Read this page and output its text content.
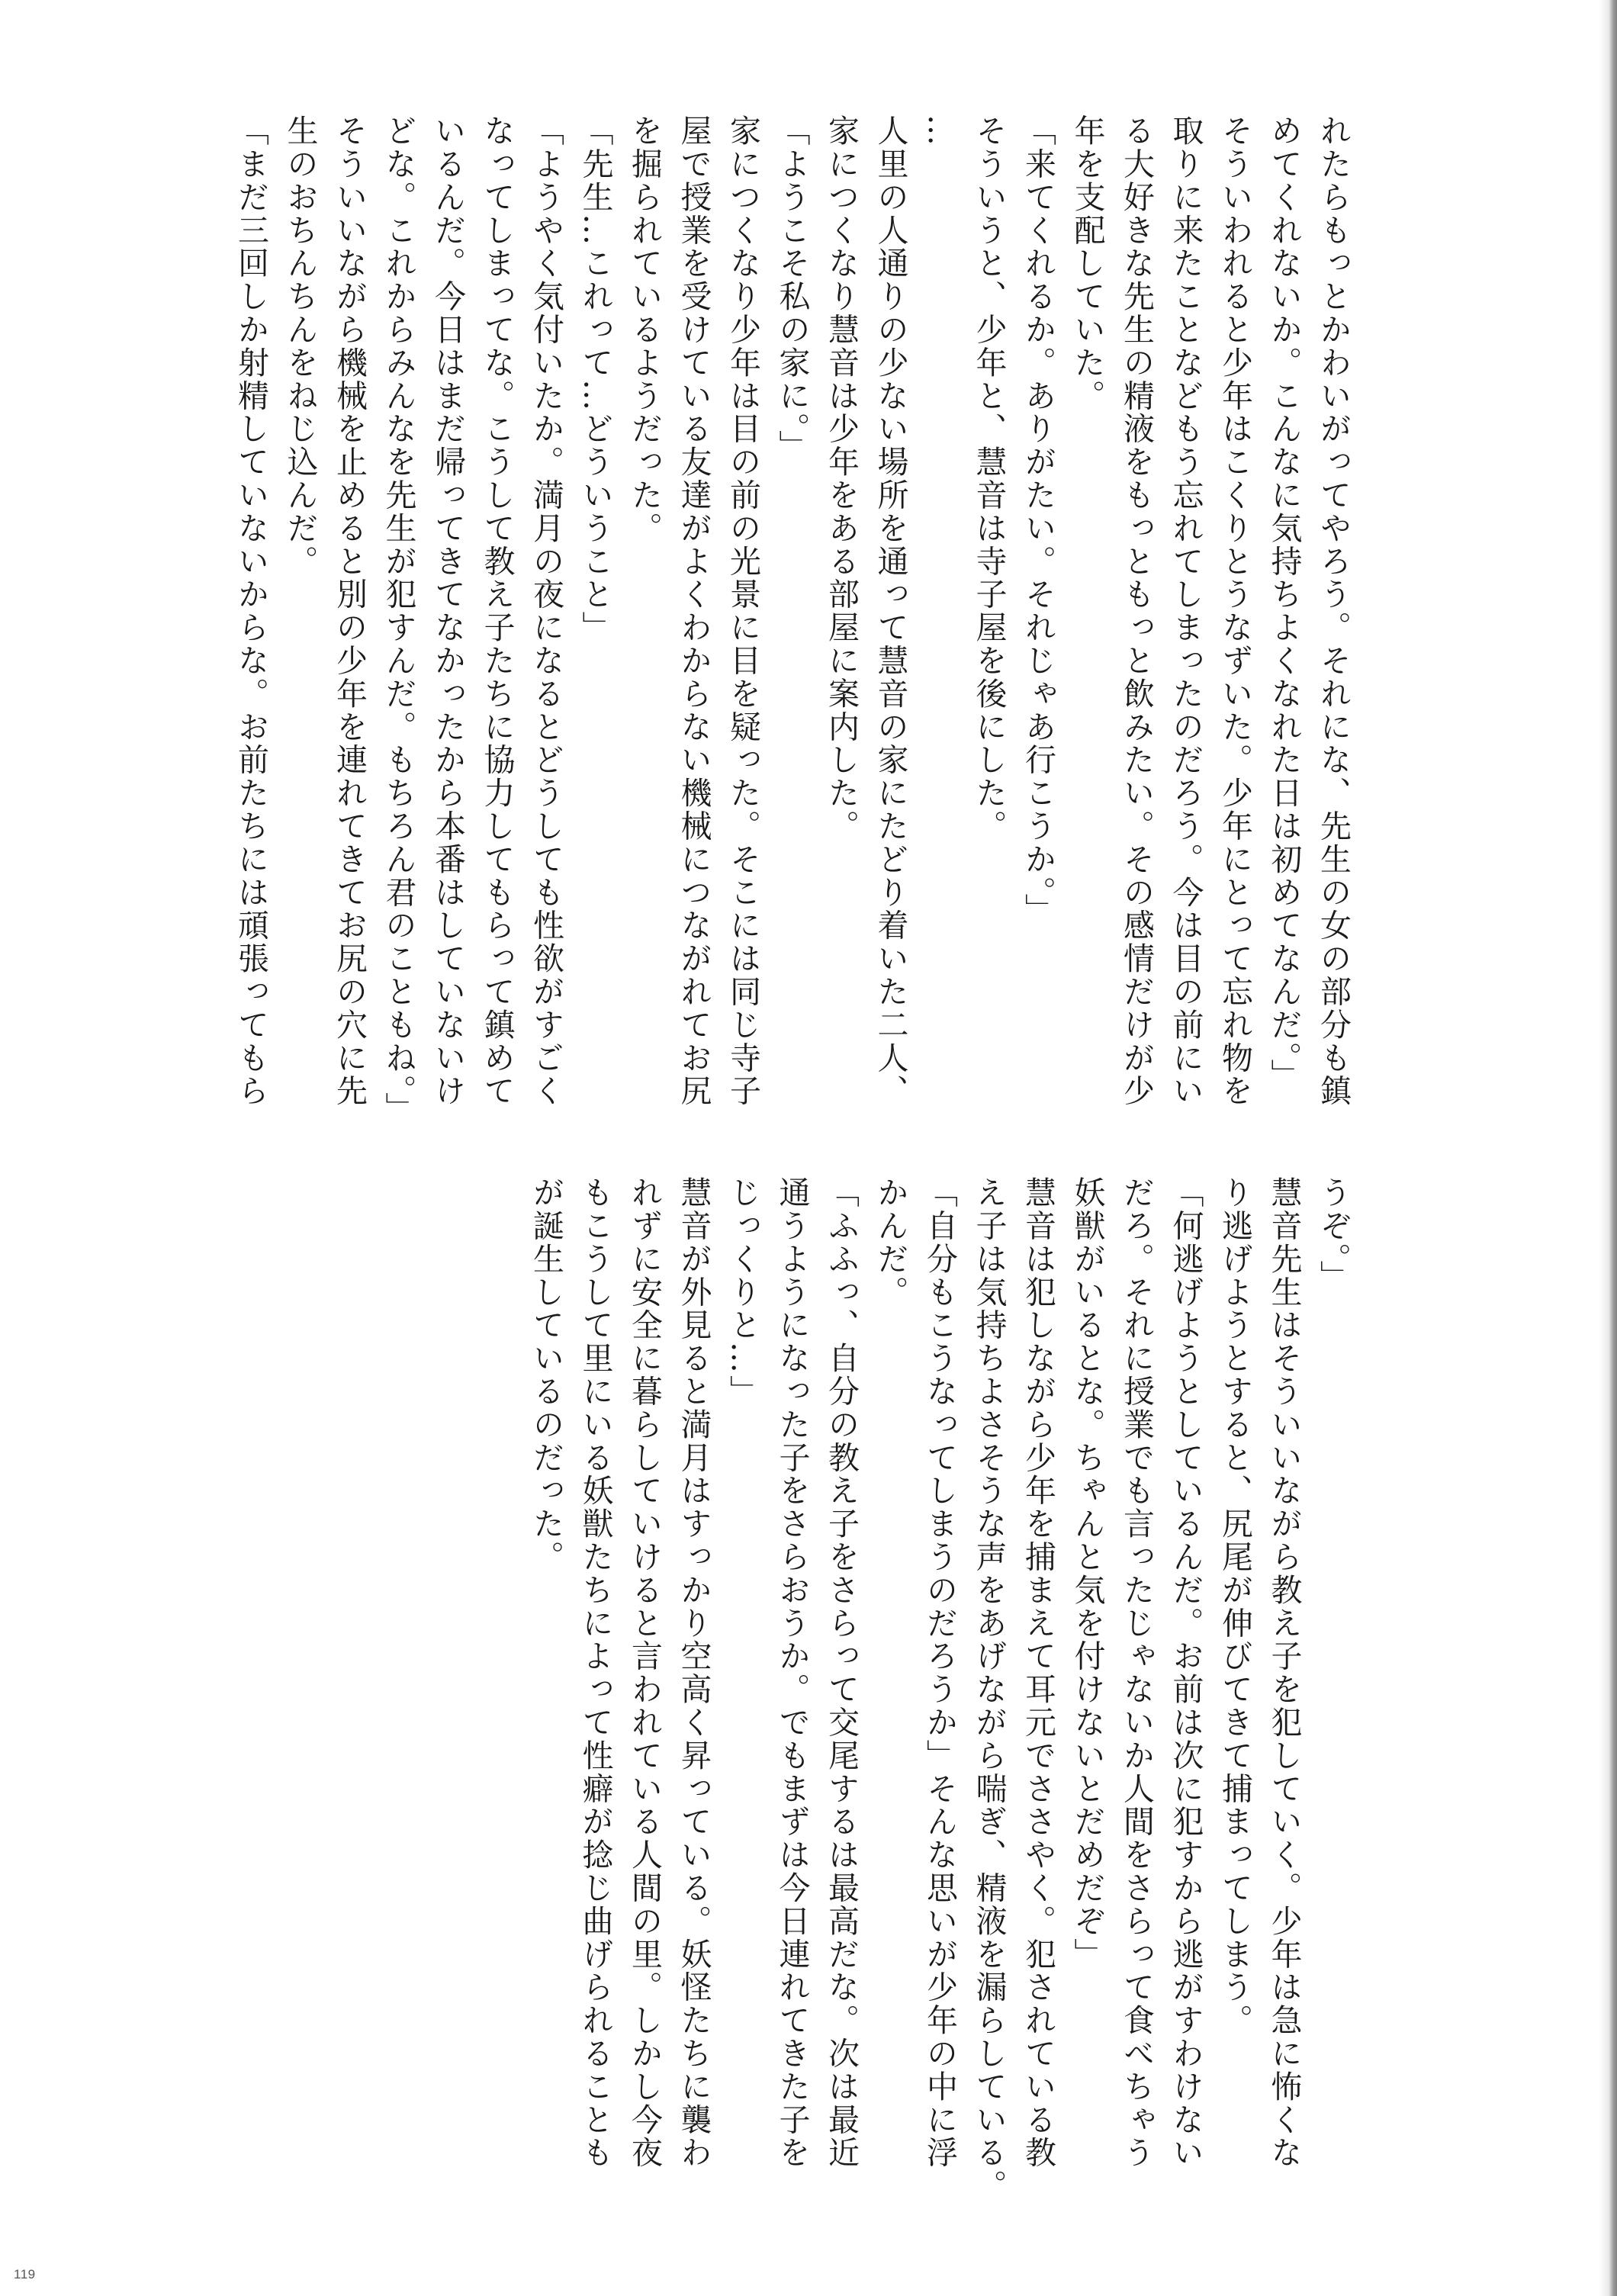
れたらもっとかわいがってやろう。それにな、先生の女の部分も鎮

めてくれないか。こんなに気持ちよくなれた日は初めてなんだ。」

そういわれると少年はこくりとうなずいた。少年にとって忘れ物を

取りに来たことなどもう忘れてしまったのだろう。今は目の前にい

る大好きな先生の精液をもっともっと飲みたい。その感情だけが少

年を支配していた。

「来てくれるか。ありがたい。それじゃあ行こうか。」

そういうと、少年と、慧音は寺子屋を後にした。

…

人里の人通りの少ない場所を通って慧音の家にたどり着いた二人、

家につくなり慧音は少年をある部屋に案内した。

「ようこそ私の家に。」

家につくなり少年は目の前の光景に目を疑った。そこには同じ寺子

屋で授業を受けている友達がよくわからない機械につながれてお尻

を掘られているようだった。

「先生…これって…どういうこと」

「ようやく気付いたか。満月の夜になるとどうしても性欲がすごく

なってしまってな。こうして教え子たちに協力してもらって鎮めて

いるんだ。今日はまだ帰ってきてなかったから本番はしていないけ

どな。これからみんなを先生が犯すんだ。もちろん君のこともね。」

そういいながら機械を止めると別の少年を連れてきてお尻の穴に先

生のおちんちんをねじ込んだ。

「まだ三回しか射精していないからな。お前たちには頑張ってもら

うぞ。」

慧音先生はそういいながら教え子を犯していく。少年は急に怖くな

り逃げようとすると、尻尾が伸びてきて捕まってしまう。

「何逃げようとしているんだ。お前は次に犯すから逃がすわけない

だろ。それに授業でも言ったじゃないか人間をさらって食べちゃう

妖獣がいるとな。ちゃんと気を付けないとだめだぞ」

慧音は犯しながら少年を捕まえて耳元でささやく。犯されている教

え子は気持ちよさそうな声をあげながら喘ぎ、精液を漏らしている。

「自分もこうなってしまうのだろうか」そんな思いが少年の中に浮

かんだ。

「ふふっ、自分の教え子をさらって交尾するは最高だな。次は最近

通うようになった子をさらおうか。でもまずは今日連れてきた子を

じっくりと…」

慧音が外見ると満月はすっかり空高く昇っている。妖怪たちに襲わ

れずに安全に暮らしていけると言われている人間の里。しかし今夜

もこうして里にいる妖獣たちによって性癖が捻じ曲げられることも

が誕生しているのだった。

119
